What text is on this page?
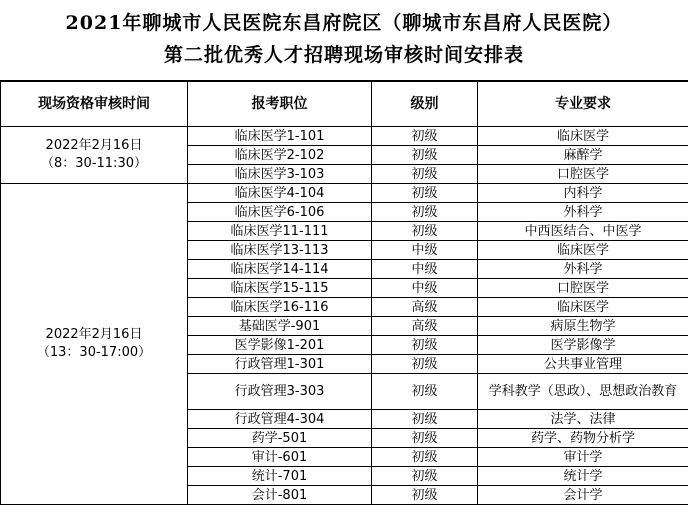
2021年聊城市人民医院东昌府院区（聊城市东昌府人民医院）
第二批优秀人才招聘现场审核时间安排表
现场资格审核时间	报考职位	级别	专业要求

2022年2月16日
（8：30-11:30）	临床医学1-101	初级	临床医学
	临床医学2-102	初级	麻醉学
	临床医学3-103	初级	口腔医学

2022年2月16日
（13：30-17:00）	临床医学4-104	初级	内科学
	临床医学6-106	初级	外科学
	临床医学11-111	初级	中西医结合、中医学
	临床医学13-113	中级	临床医学
	临床医学14-114	中级	外科学
	临床医学15-115	中级	口腔医学
	临床医学16-116	高级	临床医学
	基础医学-901	高级	病原生物学
	医学影像1-201	初级	医学影像学
	行政管理1-301	初级	公共事业管理
	行政管理3-303	初级	学科教学（思政）、思想政治教育
	行政管理4-304	初级	法学、法律
	药学-501	初级	药学、药物分析学
	审计-601	初级	审计学
	统计-701	初级	统计学
	会计-801	初级	会计学
